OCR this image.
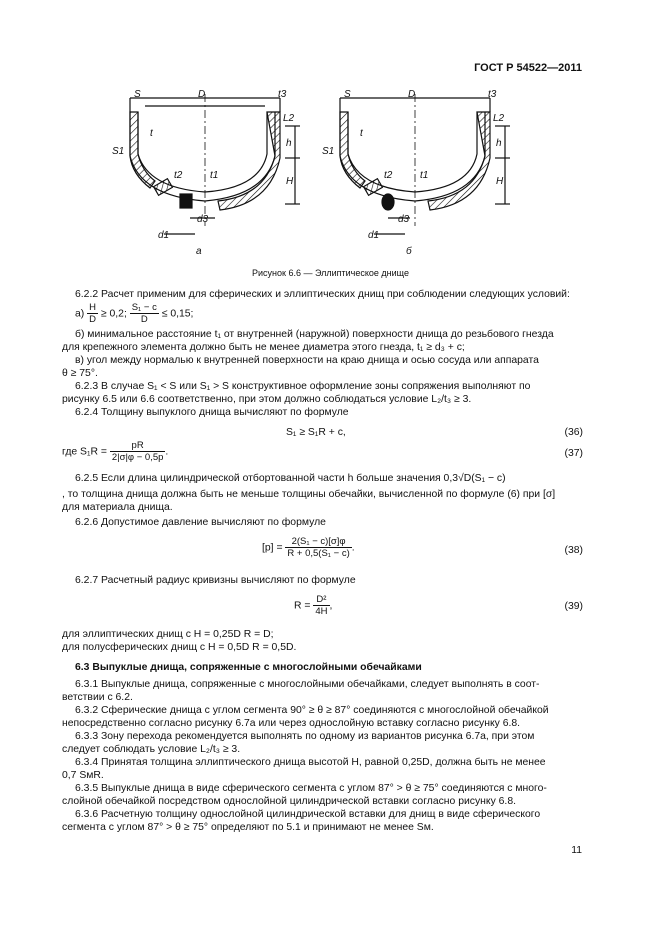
ГОСТ Р 54522—2011
S	D	t3
L2
h
H
S1
t
t2	t1
d3
d1
а
S	D	t3
L2
h
H
S1
t
t2	t1
d3
d1
б
Рисунок 6.6 — Эллиптическое днище
6.2.2 Расчет применим для сферических и эллиптических днищ при соблюдении следующих условий:
$а) \frac{H}{D} \ge 0,2$; $\frac{\text{S₁ − c}}{D} \le 0,15$;
б) минимальное расстояние t₁ от внутренней (наружной) поверхности днища до резьбового гнезда
для крепежного элемента должно быть не менее диаметра этого гнезда, t₁ ≥ d₃ + c;
в) угол между нормалью к внутренней поверхности на краю днища и осью сосуда или аппарата
θ ≥ 75°.
6.2.3 В случае S₁ < S или S₁ > S конструктивное оформление зоны сопряжения выполняют по
рисунку 6.5 или 6.6 соответственно, при этом должно соблюдаться условие L₂/t₃ ≥ 3.
6.2.4 Толщину выпуклого днища вычисляют по формуле
S₁ ≥ S₁R + c,	(36)
где $S_1R = \frac{pR}{2|\sigma|\varphi - 0,5p}$ .	(37)
6.2.5 Если длина цилиндрической отбортованной части h больше значения 0,3√D(S₁ − c)
, то толщина днища должна быть не меньше толщины обечайки, вычисленной по формуле (6) при [σ]
для материала днища.
6.2.6 Допустимое давление вычисляют по формуле
$[p] = \frac{\text{2(S₁ − c)[σ]φ}}{\text{R + 0,5(S₁ − c)}}$ .	(38)
6.2.7 Расчетный радиус кривизны вычисляют по формуле
$R = \frac{\text{D²}}{4H}$ ,	(39)
для эллиптических днищ с H = 0,25D R = D;
для полусферических днищ с H = 0,5D R = 0,5D.
6.3 Выпуклые днища, сопряженные с многослойными обечайками
6.3.1 Выпуклые днища, сопряженные с многослойными обечайками, следует выполнять в соот-
ветствии с 6.2.
6.3.2 Сферические днища с углом сегмента 90° ≥ θ ≥ 87° соединяются с многослойной обечайкой
непосредственно согласно рисунку 6.7а или через однослойную вставку согласно рисунку 6.8.
6.3.3 Зону перехода рекомендуется выполнять по одному из вариантов рисунка 6.7а, при этом
следует соблюдать условие L₂/t₃ ≥ 3.
6.3.4 Принятая толщина эллиптического днища высотой H, равной 0,25D, должна быть не менее
0,7 SмR.
6.3.5 Выпуклые днища в виде сферического сегмента с углом 87° > θ ≥ 75° соединяются с много-
слойной обечайкой посредством однослойной цилиндрической вставки согласно рисунку 6.8.
6.3.6 Расчетную толщину однослойной цилиндрической вставки для днищ в виде сферического
сегмента с углом 87° > θ ≥ 75° определяют по 5.1 и принимают не менее Sм.
11
